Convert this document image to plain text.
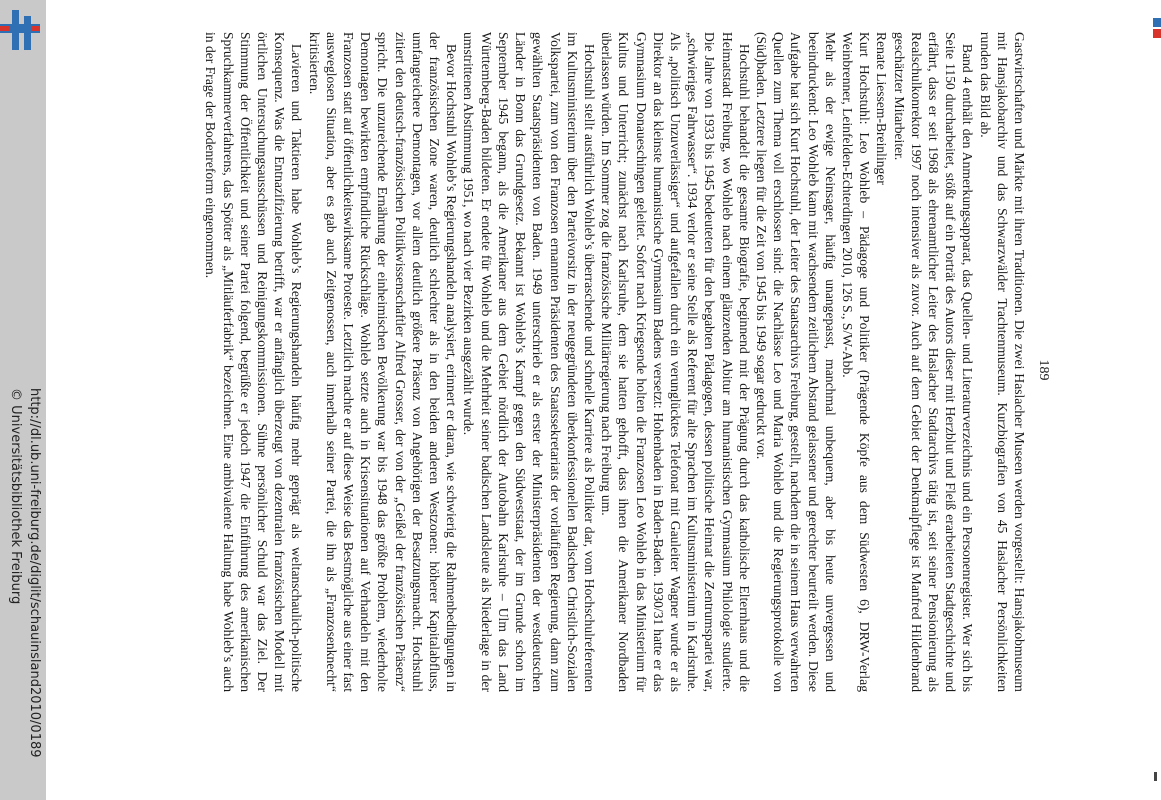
http://dl.ub.uni-freiburg.de/diglit/schauinsland2010/0189
© Universitätsbibliothek Freiburg
189

Gastwirtschaften und Märkte mit ihren Traditionen. Die zwei Haslacher Museen werden vorgestellt: Hansjakobmuseum mit Hansjakobarchiv und das Schwarzwälder Trachtenmuseum. Kurzbiografien von 45 Haslacher Persönlichkeiten runden das Bild ab.

Band 4 enthält den Anmerkungsapparat, das Quellen- und Literaturverzeichnis und ein Personenregister. Wer sich bis Seite 1150 durcharbeitet, stößt auf ein Porträt des Autors dieser mit Herzblut und Fleiß erarbeiteten Stadtgeschichte und erfährt, dass er seit 1968 als ehrenamtlicher Leiter des Haslacher Stadtarchivs tätig ist, seit seiner Pensionierung als Realschulkonrektor 1997 noch intensiver als zuvor. Auch auf dem Gebiet der Denkmalpflege ist Manfred Hildenbrand geschätzter Mitarbeiter.

Renate Liessem-Breinlinger

Kurt Hochstuhl: Leo Wohleb – Pädagoge und Politiker (Prägende Köpfe aus dem Südwesten 6), DRW-Verlag Weinbrenner, Leinfelden-Echterdingen 2010, 126 S., S/W-Abb.

Mehr als der ewige Neinsager, häufig unangepasst, manchmal unbequem, aber bis heute unvergessen und beeindruckend: Leo Wohleb kann mit wachsendem zeitlichem Abstand gelassener und gerechter beurteilt werden. Diese Aufgabe hat sich Kurt Hochstuhl, der Leiter des Staatsarchivs Freiburg, gestellt, nachdem die in seinem Haus verwahrten Quellen zum Thema voll erschlossen sind: die Nachlässe Leo und Maria Wohleb und die Regierungsprotokolle von (Süd)baden. Letztere liegen für die Zeit von 1945 bis 1949 sogar gedruckt vor.

Hochstuhl behandelt die gesamte Biografie, beginnend mit der Prägung durch das katholische Elternhaus und die Heimatstadt Freiburg, wo Wohleb nach einem glänzenden Abitur am humanistischen Gymnasium Philologie studierte. Die Jahre von 1933 bis 1945 bedeuteten für den begabten Pädagogen, dessen politische Heimat die Zentrumspartei war, „schwieriges Fahrwasser“. 1934 verlor er seine Stelle als Referent für alte Sprachen im Kultusministerium in Karlsruhe. Als „politisch Unzuverlässiger“ und aufgefallen durch ein verunglücktes Telefonat mit Gauleiter Wagner wurde er als Direktor an das kleinste humanistische Gymnasium Badens versetzt: Hohenbaden in Baden-Baden. 1930/31 hatte er das Gymnasium Donaueschingen geleitet. Sofort nach Kriegsende holten die Franzosen Leo Wohleb in das Ministerium für Kultus und Unterricht; zunächst nach Karlsruhe, dem sie hatten gehofft, dass ihnen die Amerikaner Nordbaden überlassen würden. Im Sommer zog die französische Militärregierung nach Freiburg um.

Hochstuhl stellt ausführlich Wohleb’s überraschende und schnelle Karriere als Politiker dar, vom Hochschulreferenten im Kultusministerium über den Parteivorsitz in der neugegründeten überkonfessionellen Badischen Christlich-Sozialen Volkspartei, zum von den Franzosen ernannten Präsidenten des Staatssekretariats der vorläufigen Regierung, dann zum gewählten Staatspräsidenten von Baden. 1949 unterschrieb er als erster der Ministerpräsidenten der westdeutschen Länder in Bonn das Grundgesetz. Bekannt ist Wohleb’s Kampf gegen den Südweststaat, der im Grunde schon im September 1945 begann, als die Amerikaner aus dem Gebiet nördlich der Autobahn Karlsruhe – Ulm das Land Württemberg-Baden bildeten. Er endete für Wohleb und die Mehrheit seiner badischen Landsleute als Niederlage in der umstrittenen Abstimmung 1951, wo nach vier Bezirken ausgezählt wurde.

Bevor Hochstuhl Wohleb’s Regierungshandeln analysiert, erinnert er daran, wie schwierig die Rahmenbedingungen in der französischen Zone waren, deutlich schlechter als in den beiden anderen Westzonen: höherer Kapitalabfluss, umfangreichere Demontagen, vor allem deutlich größere Präsenz von Angehörigen der Besatzungsmacht. Hochstuhl zitiert den deutsch-französischen Politikwissenschaftler Alfred Grosser, der von der „Geißel der französischen Präsenz“ spricht. Die unzureichende Ernährung der einheimischen Bevölkerung war bis 1948 das größte Problem, wiederholte Demontagen bewirkten empfindliche Rückschläge. Wohleb setzte auch in Krisensituationen auf Verhandeln mit den Franzosen statt auf öffentlichkeitswirksame Proteste. Letztlich machte er auf diese Weise das Bestmögliche aus einer fast ausweglosen Situation, aber es gab auch Zeitgenossen, auch innerhalb seiner Partei, die ihn als „Franzosenknecht“ kritisierten.

Lavieren und Taktieren habe Wohleb’s Regierungshandeln häufig mehr geprägt als weltanschaulich-politische Konsequenz. Was die Entnazifizierung betrifft, war er anfänglich überzeugt von dezentralen französischen Modell mit örtlichen Untersuchungsausschüssen und Reinigungskommissionen. Sühne persönlicher Schuld war das Ziel. Der Stimmung der Öffentlichkeit und seiner Partei folgend, begrüßte er jedoch 1947 die Einführung des amerikanischen Spruchkammerverfahrens, das Spötter als „Mitläuferfabrik“ bezeichnen. Eine ambivalente Haltung habe Wohleb’s auch in der Frage der Bodenreform eingenommen.
